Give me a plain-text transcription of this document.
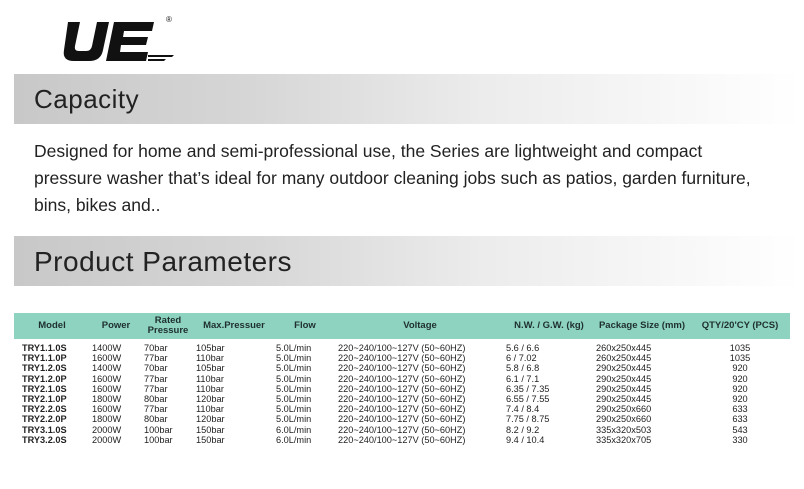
®
Capacity
Designed for home and semi-professional use, the Series are lightweight and compact pressure washer that’s ideal for many outdoor cleaning jobs such as patios, garden furniture, bins, bikes and..
Product Parameters
Model	Power	Rated Pressure	Max.Pressuer	Flow	Voltage	N.W. / G.W. (kg)	Package Size (mm)	QTY/20'CY (PCS)
TRY1.1.0S	1400W	70bar	105bar	5.0L/min	220~240/100~127V (50~60HZ)	5.6 / 6.6	260x250x445	1035
TRY1.1.0P	1600W	77bar	110bar	5.0L/min	220~240/100~127V (50~60HZ)	6 / 7.02	260x250x445	1035
TRY1.2.0S	1400W	70bar	105bar	5.0L/min	220~240/100~127V (50~60HZ)	5.8 / 6.8	290x250x445	920
TRY1.2.0P	1600W	77bar	110bar	5.0L/min	220~240/100~127V (50~60HZ)	6.1 / 7.1	290x250x445	920
TRY2.1.0S	1600W	77bar	110bar	5.0L/min	220~240/100~127V (50~60HZ)	6.35 / 7.35	290x250x445	920
TRY2.1.0P	1800W	80bar	120bar	5.0L/min	220~240/100~127V (50~60HZ)	6.55 / 7.55	290x250x445	920
TRY2.2.0S	1600W	77bar	110bar	5.0L/min	220~240/100~127V (50~60HZ)	7.4 / 8.4	290x250x660	633
TRY2.2.0P	1800W	80bar	120bar	5.0L/min	220~240/100~127V (50~60HZ)	7.75 / 8.75	290x250x660	633
TRY3.1.0S	2000W	100bar	150bar	6.0L/min	220~240/100~127V (50~60HZ)	8.2 / 9.2	335x320x503	543
TRY3.2.0S	2000W	100bar	150bar	6.0L/min	220~240/100~127V (50~60HZ)	9.4 / 10.4	335x320x705	330
